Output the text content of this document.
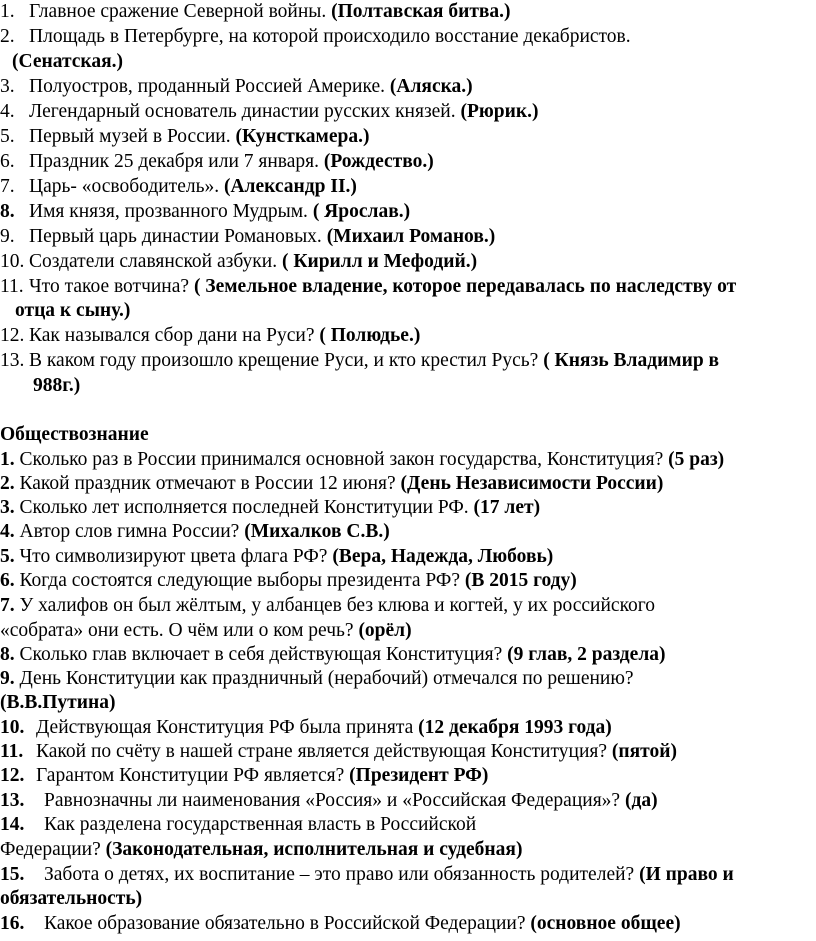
1. Главное сражение Северной войны. (Полтавская битва.)
2. Площадь в Петербурге, на которой происходило восстание декабристов.
(Сенатская.)
3. Полуостров, проданный Россией Америке. (Аляска.)
4. Легендарный основатель династии русских князей. (Рюрик.)
5. Первый музей в России. (Кунсткамера.)
6. Праздник 25 декабря или 7 января. (Рождество.)
7. Царь- «освободитель». (Александр II.)
8. Имя князя, прозванного Мудрым. ( Ярослав.)
9. Первый царь династии Романовых. (Михаил Романов.)
10. Создатели славянской азбуки. ( Кирилл и Мефодий.)
11. Что такое вотчина? ( Земельное владение, которое передавалась по наследству от
отца к сыну.)
12. Как назывался сбор дани на Руси? ( Полюдье.)
13. В каком году произошло крещение Руси, и кто крестил Русь? ( Князь Владимир в
988г.)
Обществознание
1. Сколько раз в России принимался основной закон государства, Конституция? (5 раз)
2. Какой праздник отмечают в России 12 июня? (День Независимости России)
3. Сколько лет исполняется последней Конституции РФ. (17 лет)
4. Автор слов гимна России? (Михалков С.В.)
5. Что символизируют цвета флага РФ? (Вера, Надежда, Любовь)
6. Когда состоятся следующие выборы президента РФ? (В 2015 году)
7. У халифов он был жёлтым, у албанцев без клюва и когтей, у их российского
«собрата» они есть. О чём или о ком речь? (орёл)
8. Сколько глав включает в себя действующая Конституция? (9 глав, 2 раздела)
9. День Конституции как праздничный (нерабочий) отмечался по решению?
(В.В.Путина)
10. Действующая Конституция РФ была принята (12 декабря 1993 года)
11. Какой по счёту в нашей стране является действующая Конституция? (пятой)
12. Гарантом Конституции РФ является? (Президент РФ)
13. Равнозначны ли наименования «Россия» и «Российская Федерация»? (да)
14. Как разделена государственная власть в Российской
Федерации? (Законодательная, исполнительная и судебная)
15. Забота о детях, их воспитание – это право или обязанность родителей? (И право и
обязательность)
16. Какое образование обязательно в Российской Федерации? (основное общее)
